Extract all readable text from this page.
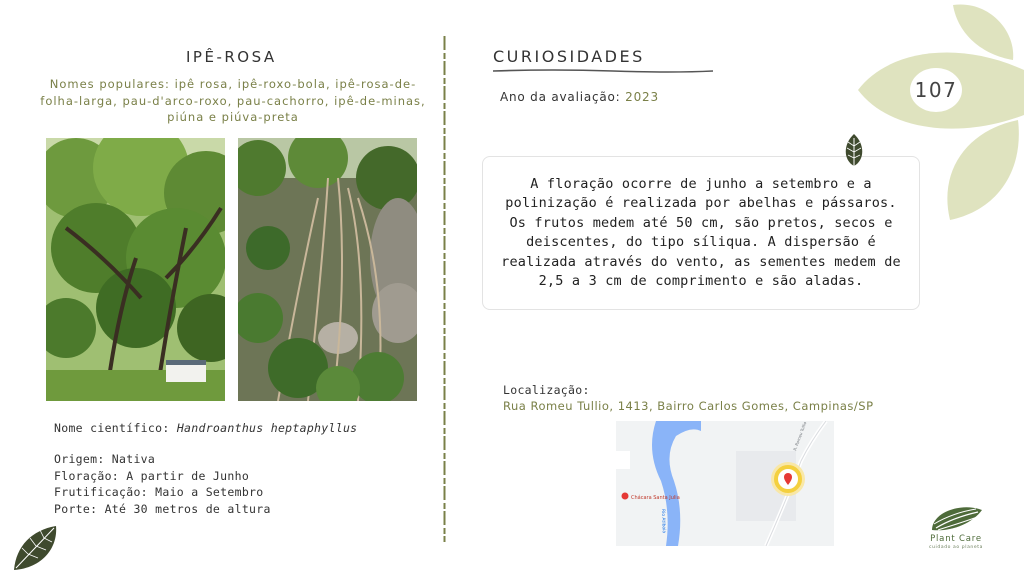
IPÊ-ROSA
Nomes populares: ipê rosa, ipê-roxo-bola, ipê-rosa-de-folha-larga, pau-d'arco-roxo, pau-cachorro, ipê-de-minas, piúna e piúva-preta
Nome científico: Handroanthus heptaphyllus
Origem: Nativa
Floração: A partir de Junho
Frutificação: Maio a Setembro
Porte: Até 30 metros de altura
CURIOSIDADES
Ano da avaliação: 2023

A floração ocorre de junho a setembro e a polinização é realizada por abelhas e pássaros. Os frutos medem até 50 cm, são pretos, secos e deiscentes, do tipo síliqua. A dispersão é realizada através do vento, as sementes medem de 2,5 a 3 cm de comprimento e são aladas.

Localização:
Rua Romeu Tullio, 1413, Bairro Carlos Gomes, Campinas/SP
Chácara Santa Julia
Rio Atibaia
R. Romeu Tullio
107
Plant Care
cuidado ao planeta
